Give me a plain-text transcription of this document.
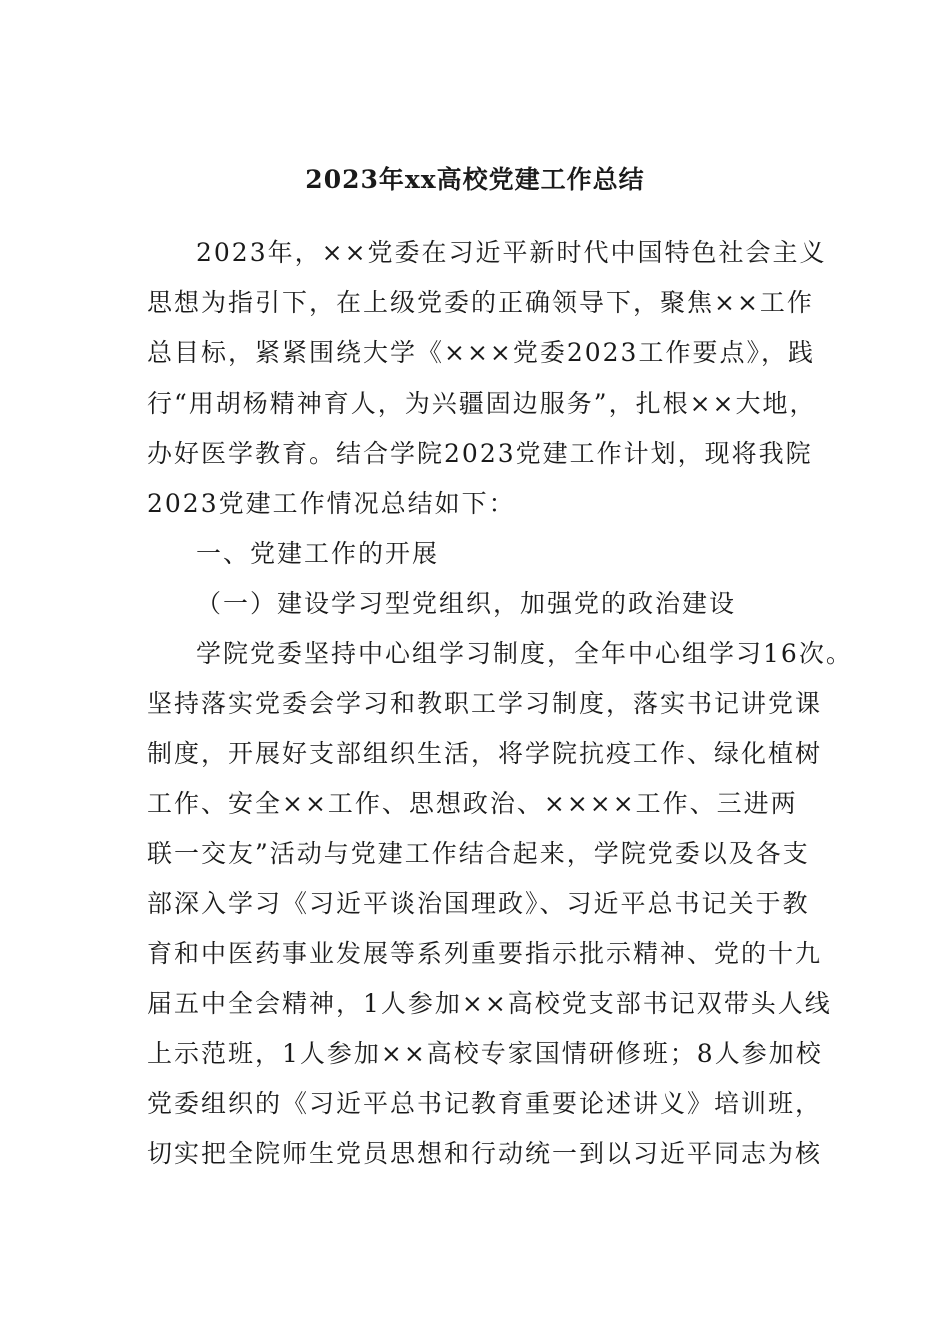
2023年xx高校党建工作总结
2023年，××党委在习近平新时代中国特色社会主义
思想为指引下，在上级党委的正确领导下，聚焦××工作
总目标，紧紧围绕大学《×××党委2023工作要点》，践
行“用胡杨精神育人，为兴疆固边服务”，扎根××大地，
办好医学教育。结合学院2023党建工作计划，现将我院
2023党建工作情况总结如下：
一、党建工作的开展
（一）建设学习型党组织，加强党的政治建设
学院党委坚持中心组学习制度，全年中心组学习16次。
坚持落实党委会学习和教职工学习制度，落实书记讲党课
制度，开展好支部组织生活，将学院抗疫工作、绿化植树
工作、安全××工作、思想政治、××××工作、三进两
联一交友”活动与党建工作结合起来，学院党委以及各支
部深入学习《习近平谈治国理政》、习近平总书记关于教
育和中医药事业发展等系列重要指示批示精神、党的十九
届五中全会精神，1人参加××高校党支部书记双带头人线
上示范班，1人参加××高校专家国情研修班；8人参加校
党委组织的《习近平总书记教育重要论述讲义》培训班，
切实把全院师生党员思想和行动统一到以习近平同志为核
